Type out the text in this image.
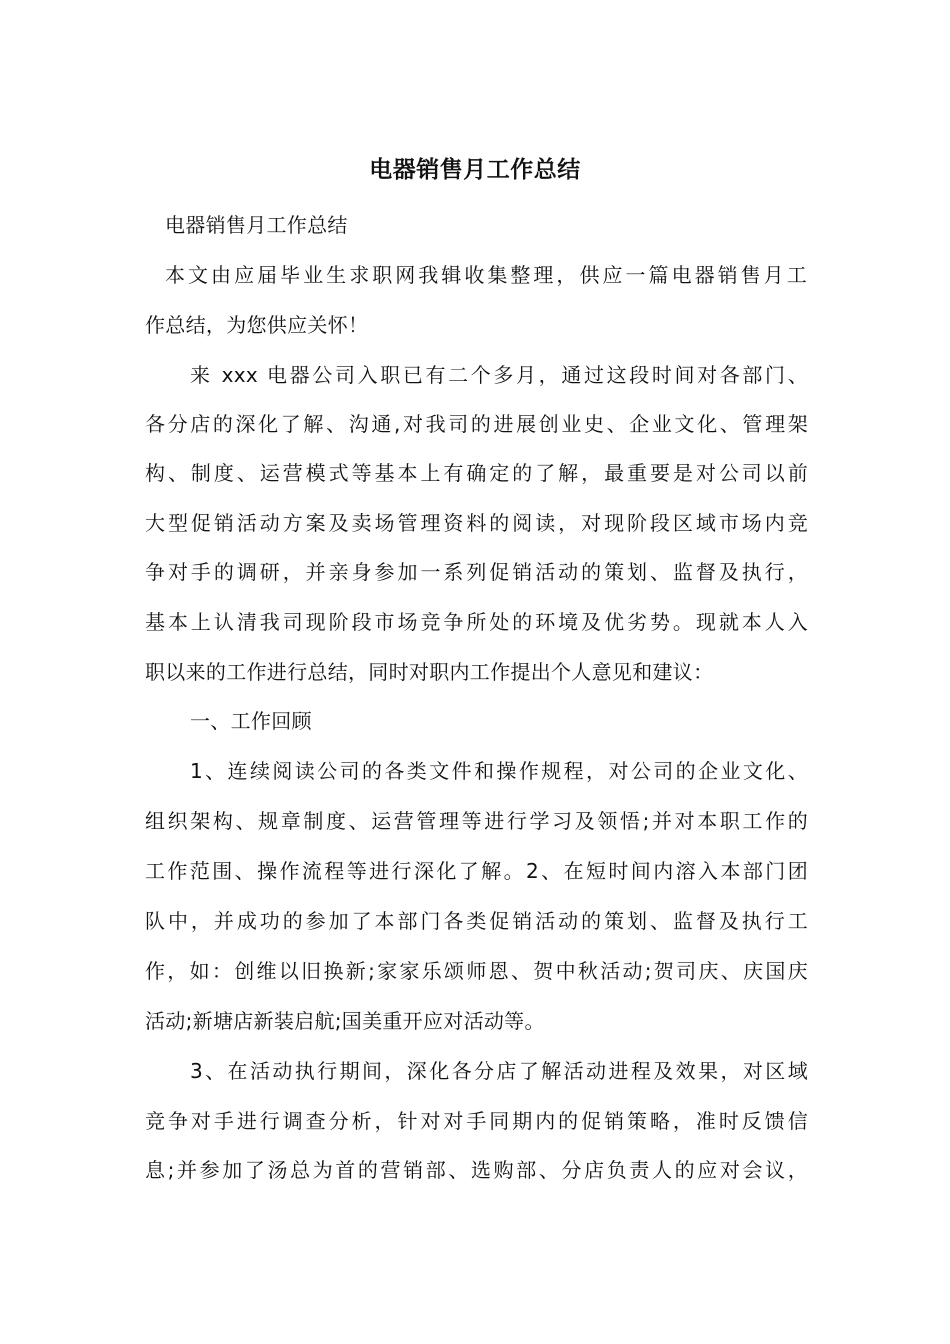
电器销售月工作总结
电器销售月工作总结
本文由应届毕业生求职网我辑收集整理，供应一篇电器销售月工
作总结，为您供应关怀！
来 xxx 电器公司入职已有二个多月，通过这段时间对各部门、
各分店的深化了解、沟通,对我司的进展创业史、企业文化、管理架
构、制度、运营模式等基本上有确定的了解，最重要是对公司以前
大型促销活动方案及卖场管理资料的阅读，对现阶段区域市场内竞
争对手的调研，并亲身参加一系列促销活动的策划、监督及执行，
基本上认清我司现阶段市场竞争所处的环境及优劣势。现就本人入
职以来的工作进行总结，同时对职内工作提出个人意见和建议：
一、工作回顾
1、连续阅读公司的各类文件和操作规程，对公司的企业文化、
组织架构、规章制度、运营管理等进行学习及领悟;并对本职工作的
工作范围、操作流程等进行深化了解。2、在短时间内溶入本部门团
队中，并成功的参加了本部门各类促销活动的策划、监督及执行工
作，如：创维以旧换新;家家乐颂师恩、贺中秋活动;贺司庆、庆国庆
活动;新塘店新装启航;国美重开应对活动等。
3、在活动执行期间，深化各分店了解活动进程及效果，对区域
竞争对手进行调查分析，针对对手同期内的促销策略，准时反馈信
息;并参加了汤总为首的营销部、选购部、分店负责人的应对会议，
